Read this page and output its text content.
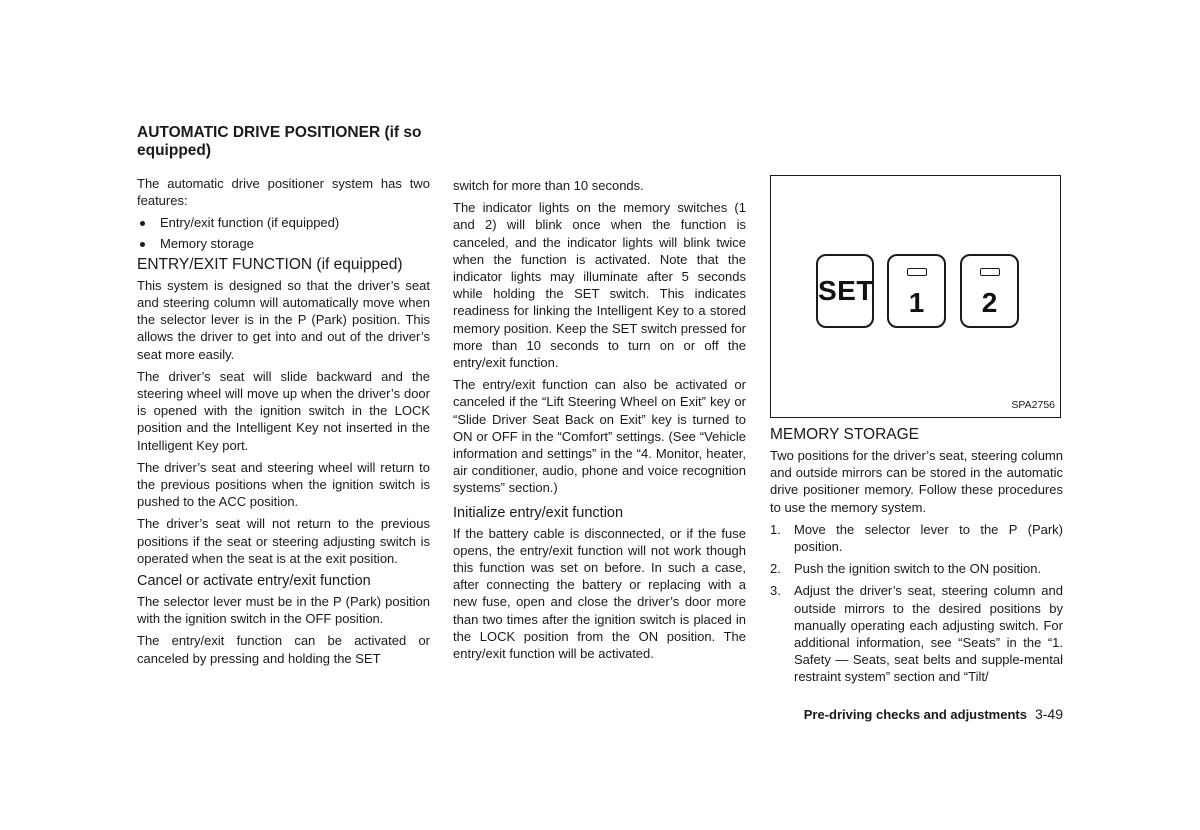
AUTOMATIC DRIVE POSITIONER (if so equipped)

The automatic drive positioner system has two features:

Entry/exit function (if equipped)
Memory storage
ENTRY/EXIT FUNCTION (if equipped)

This system is designed so that the driver’s seat and steering column will automatically move when the selector lever is in the P (Park) position. This allows the driver to get into and out of the driver’s seat more easily.

The driver’s seat will slide backward and the steering wheel will move up when the driver’s door is opened with the ignition switch in the LOCK position and the Intelligent Key not inserted in the Intelligent Key port.

The driver’s seat and steering wheel will return to the previous positions when the ignition switch is pushed to the ACC position.

The driver’s seat will not return to the previous positions if the seat or steering adjusting switch is operated when the seat is at the exit position.

Cancel or activate entry/exit function

The selector lever must be in the P (Park) position with the ignition switch in the OFF position.

The entry/exit function can be activated or canceled by pressing and holding the SET

switch for more than 10 seconds.

The indicator lights on the memory switches (1 and 2) will blink once when the function is canceled, and the indicator lights will blink twice when the function is activated. Note that the indicator lights may illuminate after 5 seconds while holding the SET switch. This indicates readiness for linking the Intelligent Key to a stored memory position. Keep the SET switch pressed for more than 10 seconds to turn on or off the entry/exit function.

The entry/exit function can also be activated or canceled if the “Lift Steering Wheel on Exit” key or “Slide Driver Seat Back on Exit” key is turned to ON or OFF in the “Comfort” settings. (See “Vehicle information and settings” in the “4. Monitor, heater, air conditioner, audio, phone and voice recognition systems” section.)

Initialize entry/exit function

If the battery cable is disconnected, or if the fuse opens, the entry/exit function will not work though this function was set on before. In such a case, after connecting the battery or replacing with a new fuse, open and close the driver’s door more than two times after the ignition switch is placed in the LOCK position from the ON position. The entry/exit function will be activated.

SET	1	2
SPA2756
MEMORY STORAGE

Two positions for the driver’s seat, steering column and outside mirrors can be stored in the automatic drive positioner memory. Follow these procedures to use the memory system.

1. Move the selector lever to the P (Park) position.
2. Push the ignition switch to the ON position.
3. Adjust the driver’s seat, steering column and outside mirrors to the desired positions by manually operating each adjusting switch. For additional information, see “Seats” in the “1. Safety — Seats, seat belts and supple-mental restraint system” section and “Tilt/
Pre-driving checks and adjustments 3-49
